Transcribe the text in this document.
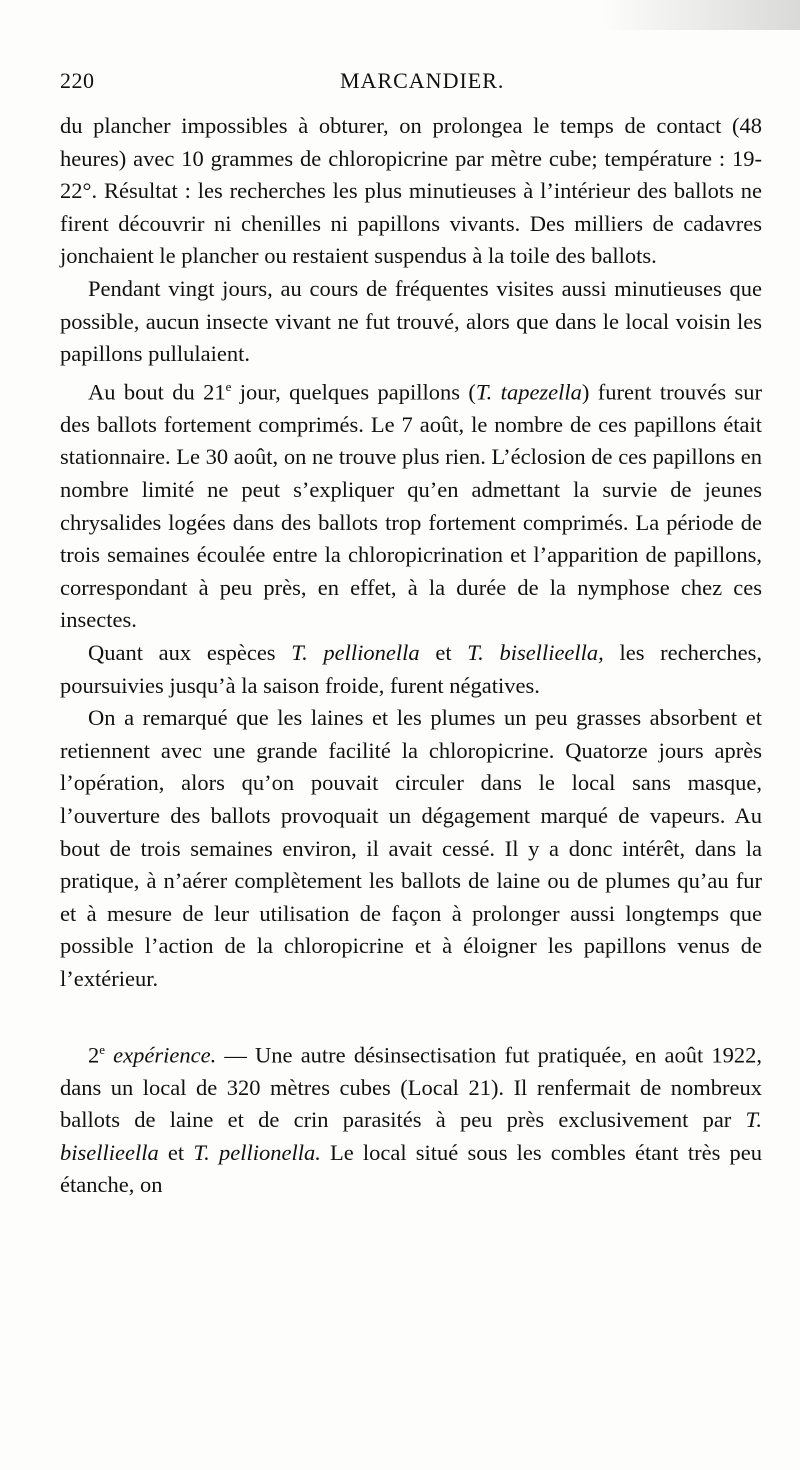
220	MARCANDIER.

du plancher impossibles à obturer, on prolongea le temps de contact (48 heures) avec 10 grammes de chloropicrine par mètre cube; température : 19-22°. Résultat : les recherches les plus minutieuses à l’intérieur des ballots ne firent découvrir ni chenilles ni papillons vivants. Des milliers de cadavres jonchaient le plancher ou restaient suspendus à la toile des ballots.

Pendant vingt jours, au cours de fréquentes visites aussi minutieuses que possible, aucun insecte vivant ne fut trouvé, alors que dans le local voisin les papillons pullulaient.

Au bout du 21e jour, quelques papillons (T. tapezella) furent trouvés sur des ballots fortement comprimés. Le 7 août, le nombre de ces papillons était stationnaire. Le 30 août, on ne trouve plus rien. L’éclosion de ces papillons en nombre limité ne peut s’expliquer qu’en admettant la survie de jeunes chrysalides logées dans des ballots trop fortement comprimés. La période de trois semaines écoulée entre la chloropicrination et l’apparition de papillons, correspondant à peu près, en effet, à la durée de la nymphose chez ces insectes.

Quant aux espèces T. pellionella et T. bisellieella, les recherches, poursuivies jusqu’à la saison froide, furent négatives.

On a remarqué que les laines et les plumes un peu grasses absorbent et retiennent avec une grande facilité la chloropicrine. Quatorze jours après l’opération, alors qu’on pouvait circuler dans le local sans masque, l’ouverture des ballots provoquait un dégagement marqué de vapeurs. Au bout de trois semaines environ, il avait cessé. Il y a donc intérêt, dans la pratique, à n’aérer complètement les ballots de laine ou de plumes qu’au fur et à mesure de leur utilisation de façon à prolonger aussi longtemps que possible l’action de la chloropicrine et à éloigner les papillons venus de l’extérieur.

2e expérience. — Une autre désinsectisation fut pratiquée, en août 1922, dans un local de 320 mètres cubes (Local 21). Il renfermait de nombreux ballots de laine et de crin parasités à peu près exclusivement par T. bisellieella et T. pellionella. Le local situé sous les combles étant très peu étanche, on
